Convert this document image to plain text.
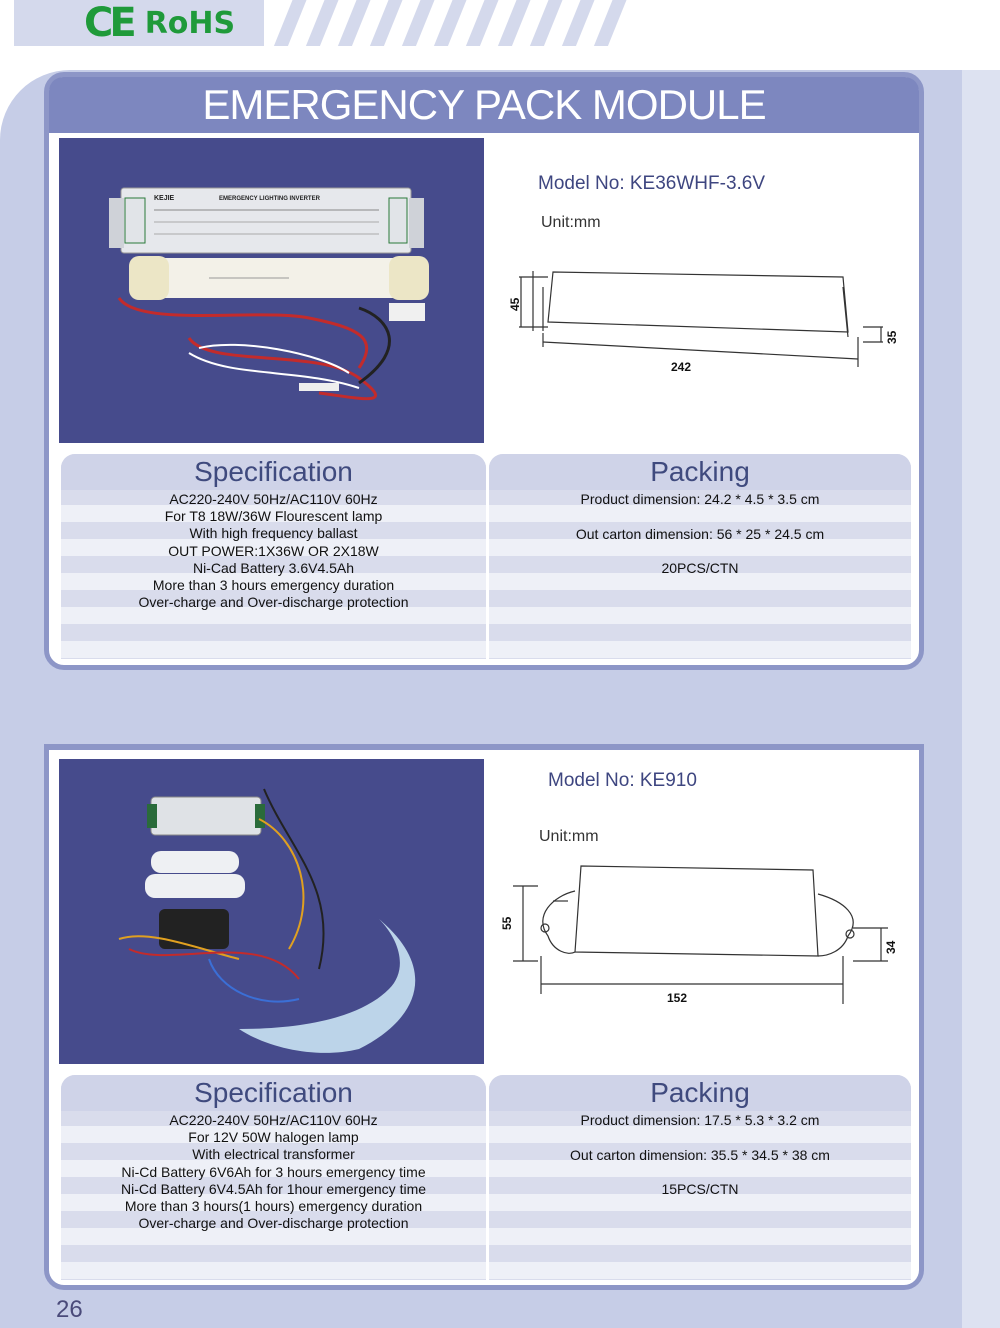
CE RoHS
EMERGENCY PACK MODULE
KEJIE	EMERGENCY LIGHTING INVERTER
Model No: KE36WHF-3.6V
Unit:mm
242
45
35
Specification
AC220-240V 50Hz/AC110V 60Hz
For T8 18W/36W Flourescent lamp
With high frequency ballast
OUT POWER:1X36W OR 2X18W
Ni-Cad Battery 3.6V4.5Ah
More than 3 hours emergency duration
Over-charge and Over-discharge protection
Packing
Product dimension: 24.2 * 4.5 * 3.5 cm
Out carton dimension: 56 * 25 * 24.5 cm
20PCS/CTN
Model No: KE910
Unit:mm
152
55
34
Specification
AC220-240V 50Hz/AC110V 60Hz
For 12V 50W halogen lamp
With electrical transformer
Ni-Cd Battery 6V6Ah for 3 hours emergency time
Ni-Cd Battery 6V4.5Ah for 1hour emergency time
More than 3 hours(1 hours) emergency duration
Over-charge and Over-discharge protection
Packing
Product dimension: 17.5 * 5.3 * 3.2 cm
Out carton dimension: 35.5 * 34.5 * 38 cm
15PCS/CTN
26
